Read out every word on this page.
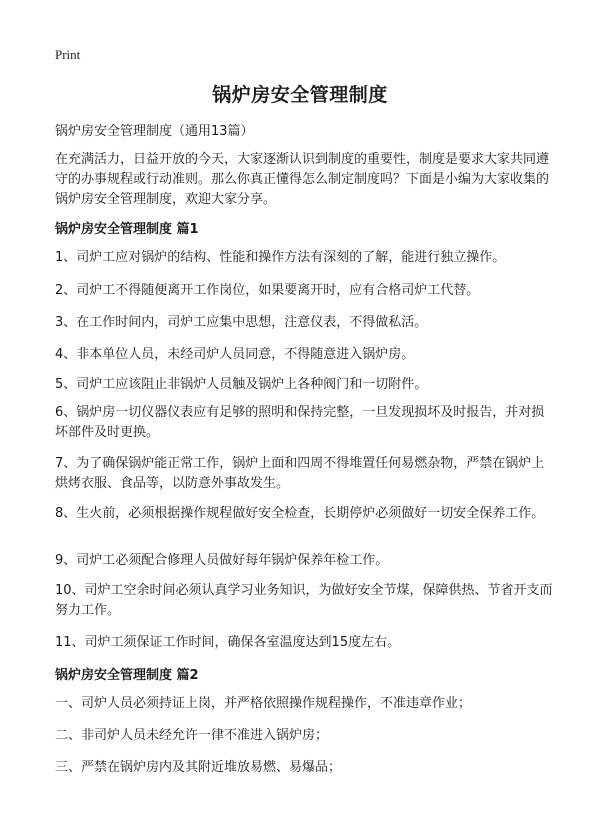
Print
锅炉房安全管理制度
锅炉房安全管理制度（通用13篇）
在充满活力，日益开放的今天，大家逐渐认识到制度的重要性，制度是要求大家共同遵守的办事规程或行动准则。那么你真正懂得怎么制定制度吗？下面是小编为大家收集的锅炉房安全管理制度，欢迎大家分享。
锅炉房安全管理制度 篇1
1、司炉工应对锅炉的结构、性能和操作方法有深刻的了解，能进行独立操作。
2、司炉工不得随便离开工作岗位，如果要离开时，应有合格司炉工代替。
3、在工作时间内，司炉工应集中思想，注意仪表，不得做私活。
4、非本单位人员，未经司炉人员同意，不得随意进入锅炉房。
5、司炉工应该阻止非锅炉人员触及锅炉上各种阀门和一切附件。
6、锅炉房一切仪器仪表应有足够的照明和保持完整，一旦发现损坏及时报告，并对损坏部件及时更换。
7、为了确保锅炉能正常工作，锅炉上面和四周不得堆置任何易燃杂物，严禁在锅炉上烘烤衣服、食品等，以防意外事故发生。
8、生火前，必须根据操作规程做好安全检查，长期停炉必须做好一切安全保养工作。
9、司炉工必须配合修理人员做好每年锅炉保养年检工作。
10、司炉工空余时间必须认真学习业务知识，为做好安全节煤，保障供热、节省开支而努力工作。
11、司炉工须保证工作时间，确保各室温度达到15度左右。
锅炉房安全管理制度 篇2
一、司炉人员必须持证上岗，并严格依照操作规程操作，不准违章作业；
二、非司炉人员未经允许一律不准进入锅炉房；
三、严禁在锅炉房内及其附近堆放易燃、易爆品；
